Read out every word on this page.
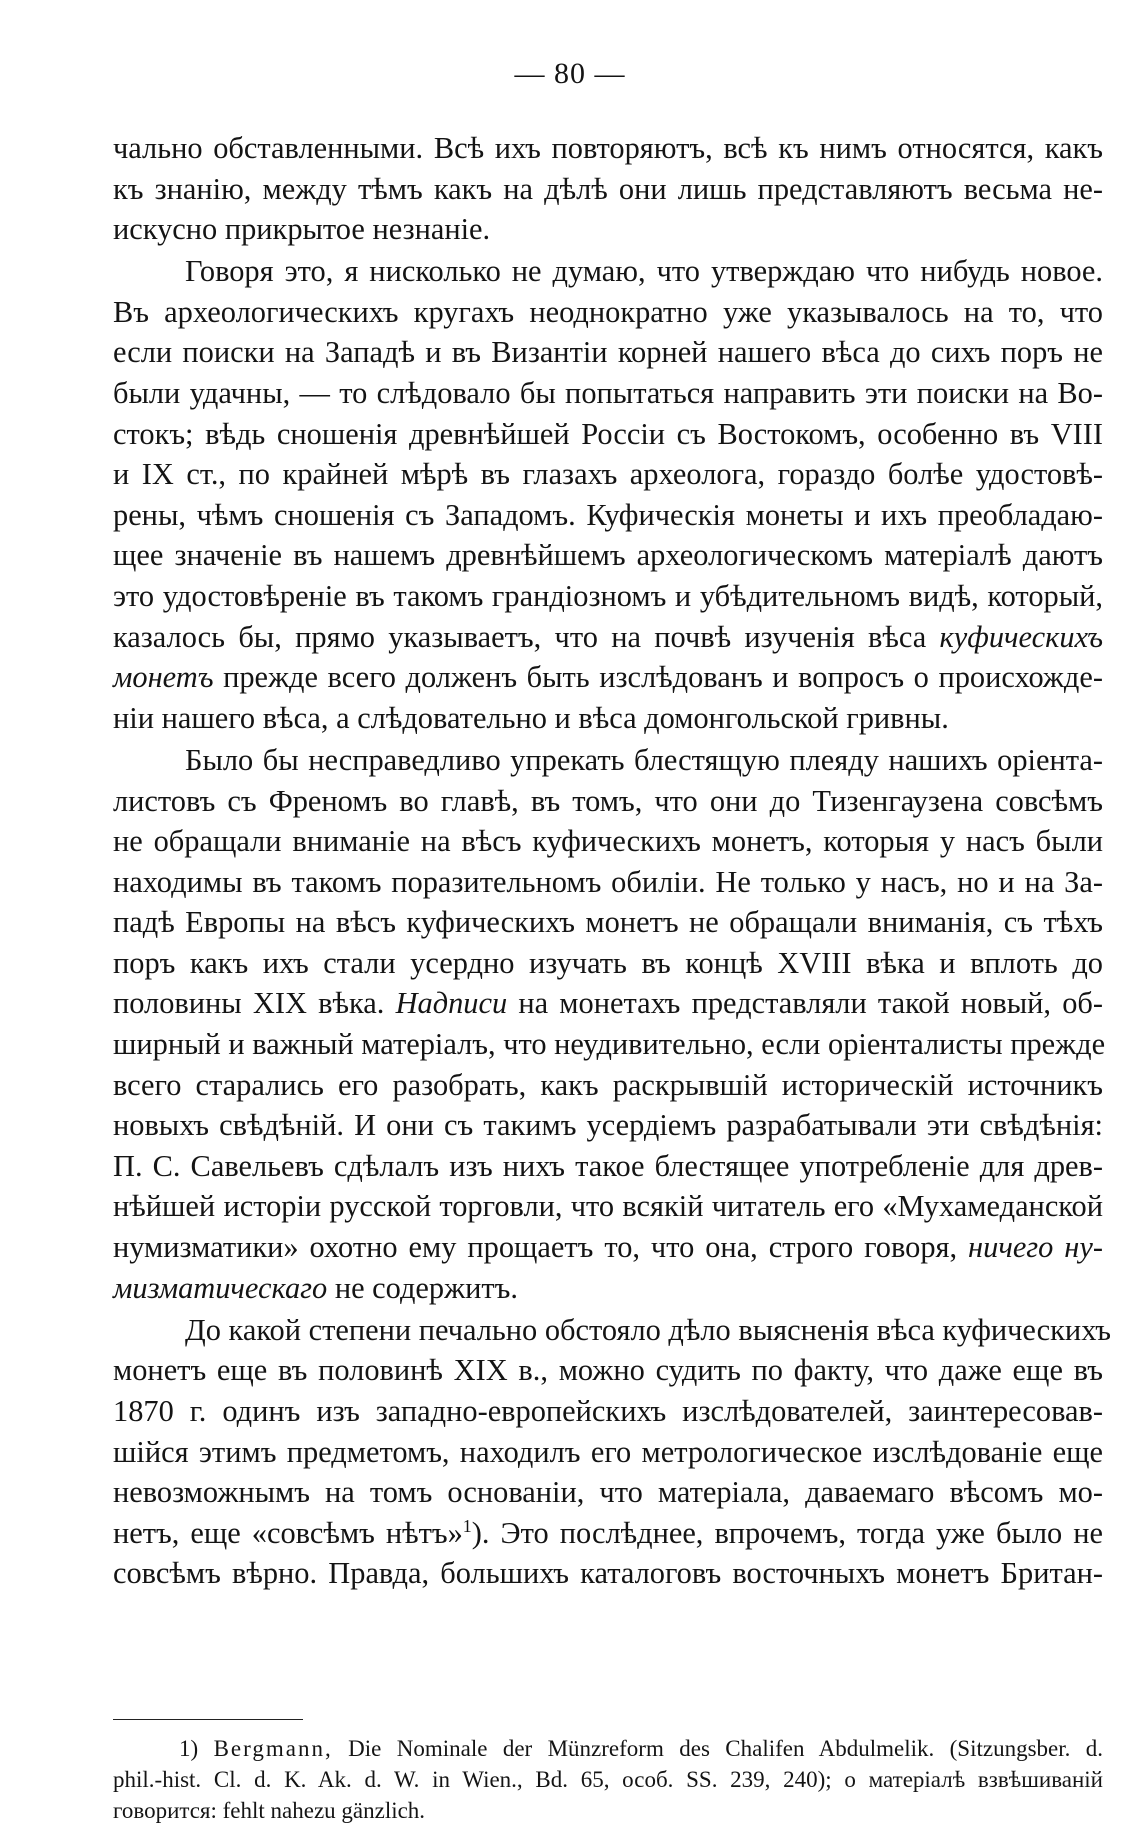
— 80 —

чально обставленными. Всѣ ихъ повторяютъ, всѣ къ нимъ относятся, какъ
къ знанію, между тѣмъ какъ на дѣлѣ они лишь представляютъ весьма не-
искусно прикрытое незнаніе.

Говоря это, я нисколько не думаю, что утверждаю что нибудь новое.
Въ археологическихъ кругахъ неоднократно уже указывалось на то, что
если поиски на Западѣ и въ Византіи корней нашего вѣса до сихъ поръ не
были удачны, — то слѣдовало бы попытаться направить эти поиски на Во-
стокъ; вѣдь сношенія древнѣйшей Россіи съ Востокомъ, особенно въ VIII
и IX ст., по крайней мѣрѣ въ глазахъ археолога, гораздо болѣе удостовѣ-
рены, чѣмъ сношенія съ Западомъ. Куфическія монеты и ихъ преобладаю-
щее значеніе въ нашемъ древнѣйшемъ археологическомъ матеріалѣ даютъ
это удостовѣреніе въ такомъ грандіозномъ и убѣдительномъ видѣ, который,
казалось бы, прямо указываетъ, что на почвѣ изученія вѣса куфическихъ
монетъ прежде всего долженъ быть изслѣдованъ и вопросъ о происхожде-
ніи нашего вѣса, а слѣдовательно и вѣса домонгольской гривны.

Было бы несправедливо упрекать блестящую плеяду нашихъ оріента-
листовъ съ Френомъ во главѣ, въ томъ, что они до Тизенгаузена совсѣмъ
не обращали вниманіе на вѣсъ куфическихъ монетъ, которыя у насъ были
находимы въ такомъ поразительномъ обиліи. Не только у насъ, но и на За-
падѣ Европы на вѣсъ куфическихъ монетъ не обращали вниманія, съ тѣхъ
поръ какъ ихъ стали усердно изучать въ концѣ XVIII вѣка и вплоть до
половины XIX вѣка. Надписи на монетахъ представляли такой новый, об-
ширный и важный матеріалъ, что неудивительно, если оріенталисты прежде
всего старались его разобрать, какъ раскрывшій историческій источникъ
новыхъ свѣдѣній. И они съ такимъ усердіемъ разрабатывали эти свѣдѣнія:
П. С. Савельевъ сдѣлалъ изъ нихъ такое блестящее употребленіе для древ-
нѣйшей исторіи русской торговли, что всякій читатель его «Мухамеданской
нумизматики» охотно ему прощаетъ то, что она, строго говоря, ничего ну-
мизматическаго не содержитъ.

До какой степени печально обстояло дѣло выясненія вѣса куфическихъ
монетъ еще въ половинѣ XIX в., можно судить по факту, что даже еще въ
1870 г. одинъ изъ западно-европейскихъ изслѣдователей, заинтересовав-
шійся этимъ предметомъ, находилъ его метрологическое изслѣдованіе еще
невозможнымъ на томъ основаніи, что матеріала, даваемаго вѣсомъ мо-
нетъ, еще «совсѣмъ нѣтъ»$^1$). Это послѣднее, впрочемъ, тогда уже было не
совсѣмъ вѣрно. Правда, большихъ каталоговъ восточныхъ монетъ Британ-

1) Bergmann, Die Nominale der Münzreform des Chalifen Abdulmelik. (Sitzungsber. d.
phil.-hist. Cl. d. K. Ak. d. W. in Wien., Bd. 65, особ. SS. 239, 240); о матеріалѣ взвѣшиваній
говорится: fehlt nahezu gänzlich.
